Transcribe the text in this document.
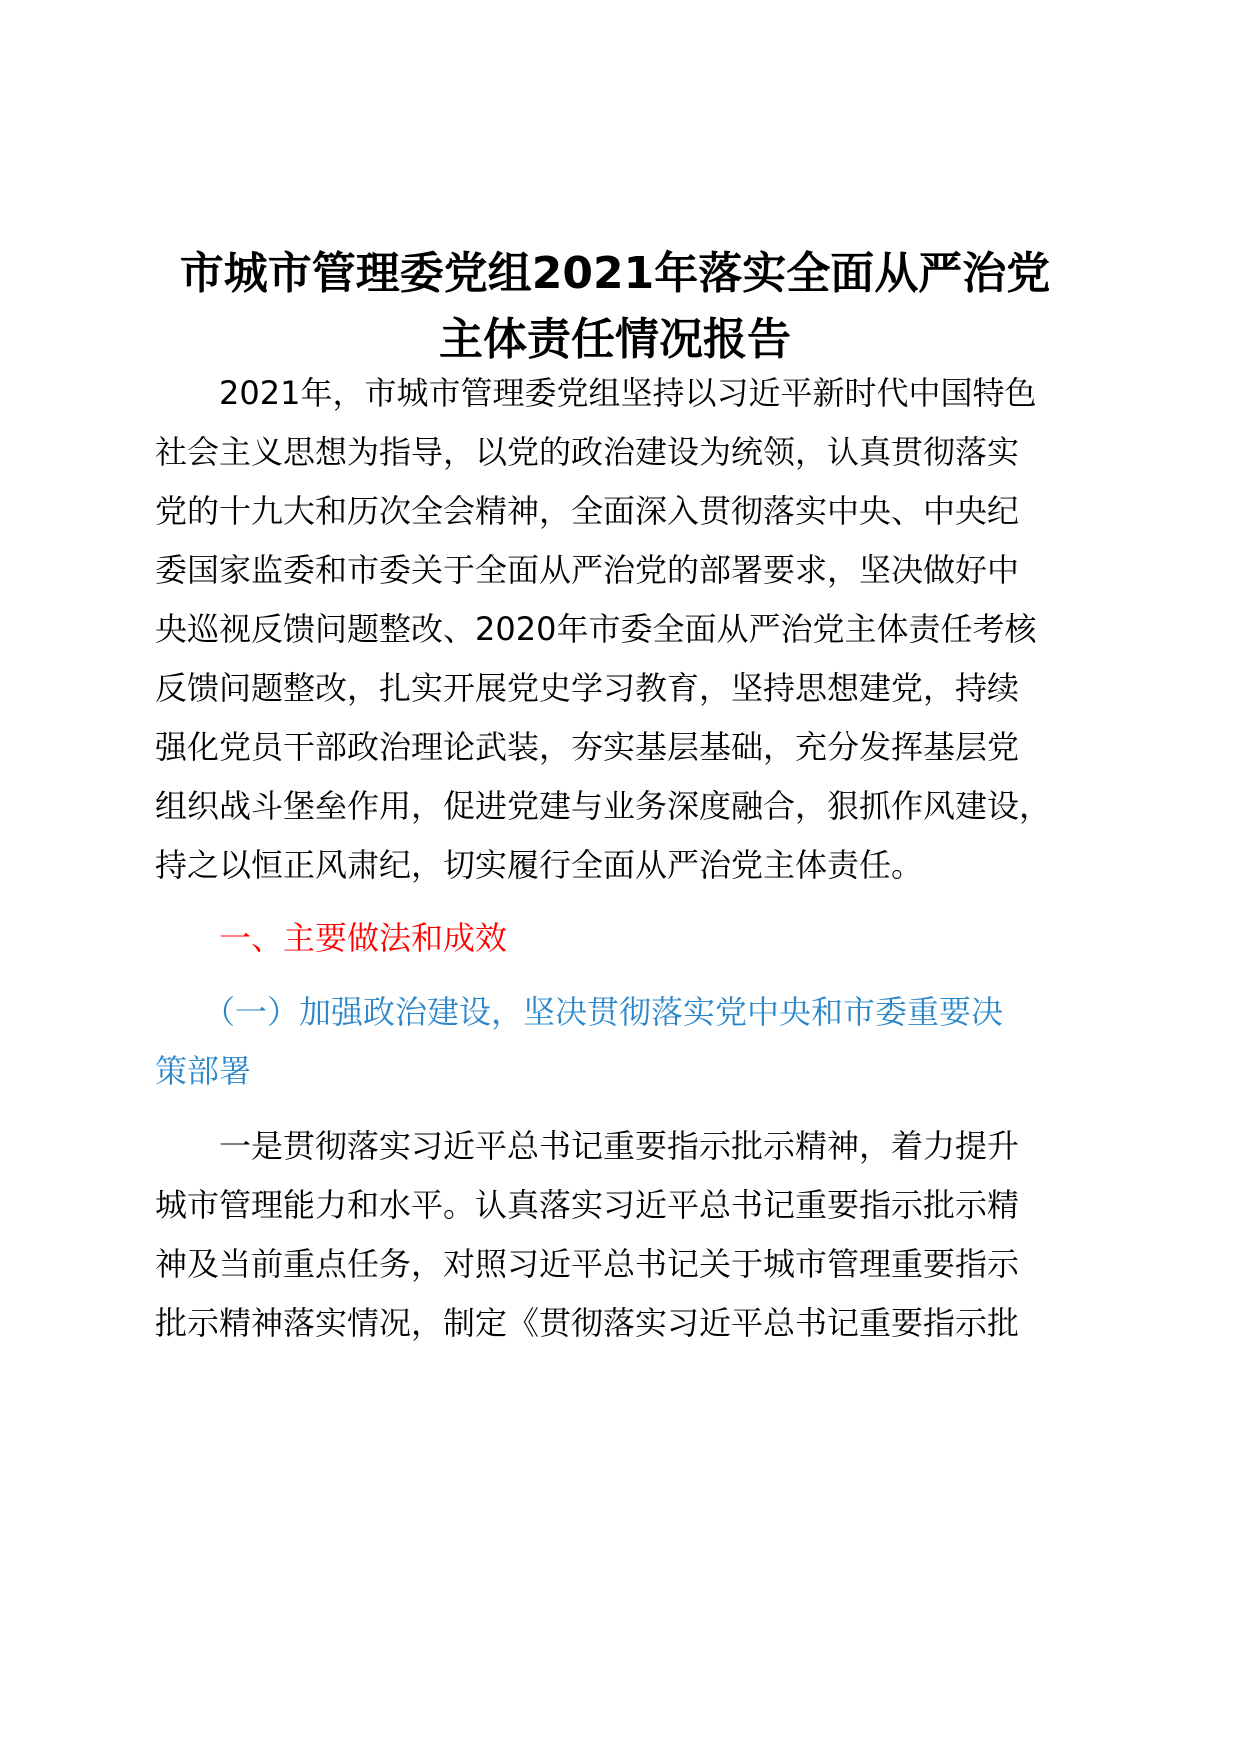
市城市管理委党组2021年落实全面从严治党
主体责任情况报告
　　2021年，市城市管理委党组坚持以习近平新时代中国特色
社会主义思想为指导，以党的政治建设为统领，认真贯彻落实
党的十九大和历次全会精神，全面深入贯彻落实中央、中央纪
委国家监委和市委关于全面从严治党的部署要求，坚决做好中
央巡视反馈问题整改、2020年市委全面从严治党主体责任考核
反馈问题整改，扎实开展党史学习教育，坚持思想建党，持续
强化党员干部政治理论武装，夯实基层基础，充分发挥基层党
组织战斗堡垒作用，促进党建与业务深度融合，狠抓作风建设，
持之以恒正风肃纪，切实履行全面从严治党主体责任。
　　一、主要做法和成效
　　（一）加强政治建设，坚决贯彻落实党中央和市委重要决
策部署
　　一是贯彻落实习近平总书记重要指示批示精神，着力提升
城市管理能力和水平。认真落实习近平总书记重要指示批示精
神及当前重点任务，对照习近平总书记关于城市管理重要指示
批示精神落实情况，制定《贯彻落实习近平总书记重要指示批
